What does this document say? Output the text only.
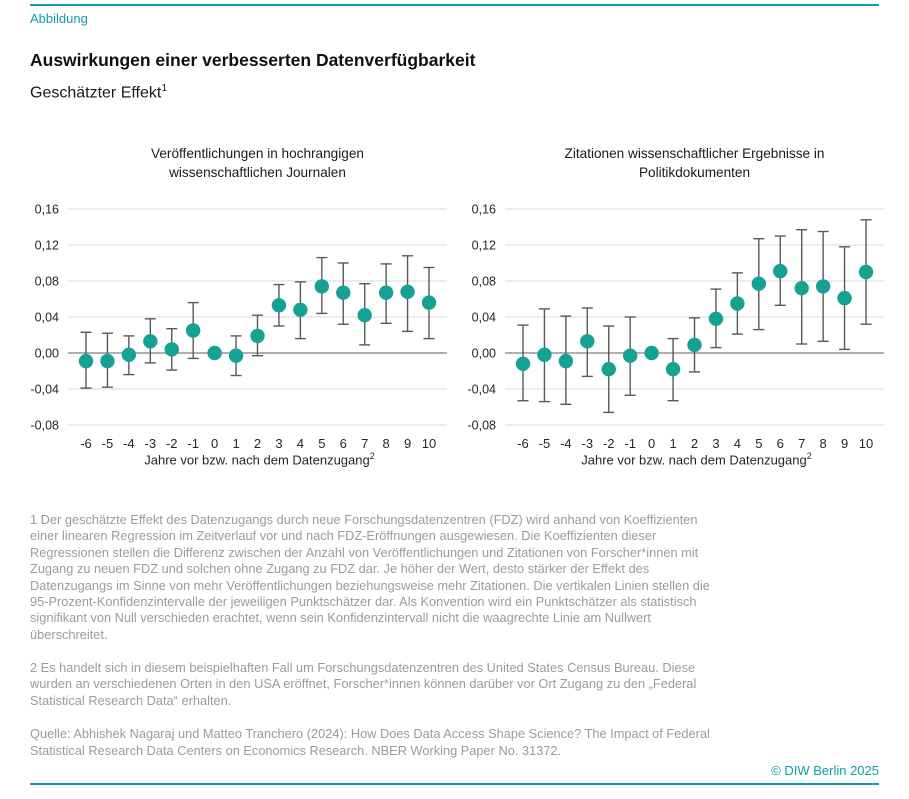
Abbildung
Auswirkungen einer verbesserten Datenverfügbarkeit
Geschätzter Effekt$^1$
Veröffentlichungen in hochrangigen
wissenschaftlichen Journalen
0,16
0,12
0,08
0,04
0,00
-0,04
-0,08
-6 -5 -4 -3 -2 -1 0 1 2 3 4 5 6 7 8 9 10
Jahre vor bzw. nach dem Datenzugang$^2$
Zitationen wissenschaftlicher Ergebnisse in
Politikdokumenten
0,16
0,12
0,08
0,04
0,00
-0,04
-0,08
-6 -5 -4 -3 -2 -1 0 1 2 3 4 5 6 7 8 9 10
Jahre vor bzw. nach dem Datenzugang$^2$

1 Der geschätzte Effekt des Datenzugangs durch neue Forschungsdatenzentren (FDZ) wird anhand von Koeffizienten einer linearen Regression im Zeitverlauf vor und nach FDZ-Eröffnungen ausgewiesen. Die Koeffizienten dieser Regressionen stellen die Differenz zwischen der Anzahl von Veröffentlichungen und Zitationen von Forscher*innen mit Zugang zu neuen FDZ und solchen ohne Zugang zu FDZ dar. Je höher der Wert, desto stärker der Effekt des Datenzugangs im Sinne von mehr Veröffentlichungen beziehungsweise mehr Zitationen. Die vertikalen Linien stellen die 95-Prozent-Konfidenzintervalle der jeweiligen Punktschätzer dar. Als Konvention wird ein Punktschätzer als statistisch signifikant von Null verschieden erachtet, wenn sein Konfidenzintervall nicht die waagrechte Linie am Nullwert überschreitet.

2 Es handelt sich in diesem beispielhaften Fall um Forschungsdatenzentren des United States Census Bureau. Diese wurden an verschiedenen Orten in den USA eröffnet, Forscher*innen können darüber vor Ort Zugang zu den „Federal Statistical Research Data“ erhalten.

Quelle: Abhishek Nagaraj und Matteo Tranchero (2024): How Does Data Access Shape Science? The Impact of Federal Statistical Research Data Centers on Economics Research. NBER Working Paper No. 31372.

© DIW Berlin 2025
